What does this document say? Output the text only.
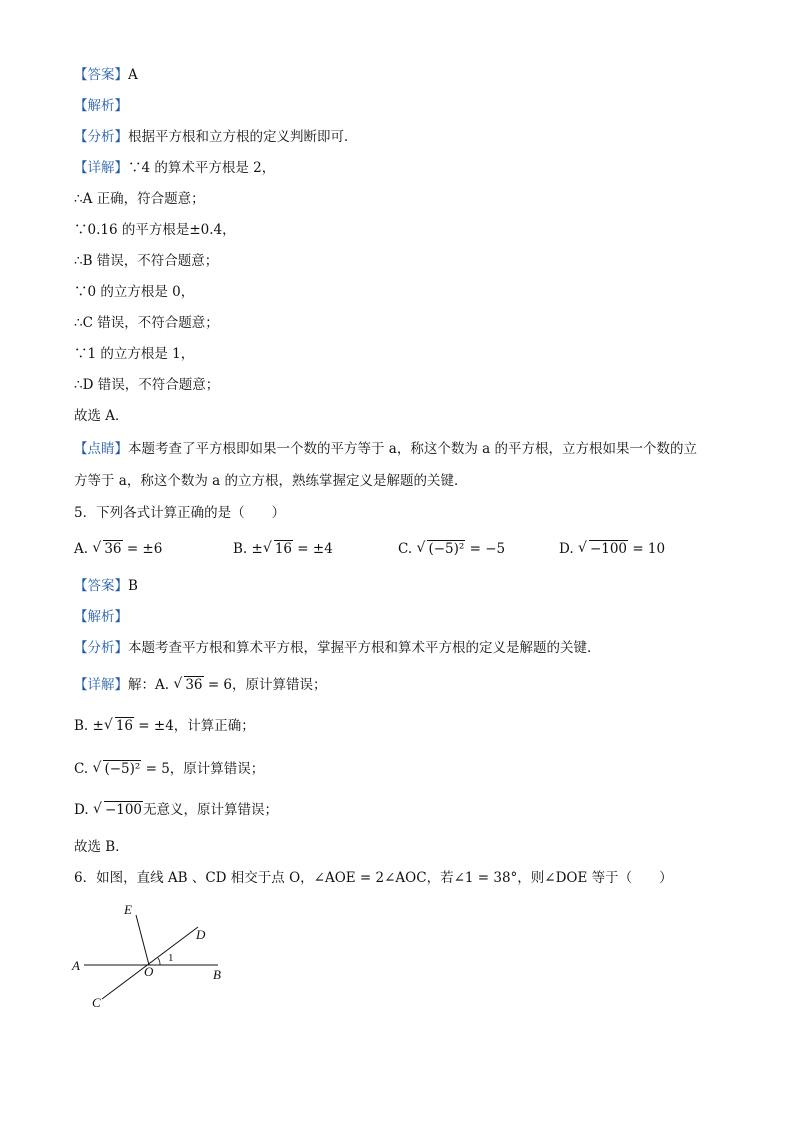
【答案】A
【解析】
【分析】根据平方根和立方根的定义判断即可．
【详解】∵4 的算术平方根是 2，
∴A 正确，符合题意；
∵0.16 的平方根是±0.4，
∴B 错误，不符合题意；
∵0 的立方根是 0，
∴C 错误，不符合题意；
∵1 的立方根是 1，
∴D 错误，不符合题意；
故选 A．
【点睛】本题考查了平方根即如果一个数的平方等于 a，称这个数为 a 的平方根，立方根如果一个数的立
方等于 a，称这个数为 a 的立方根，熟练掌握定义是解题的关键．
5．下列各式计算正确的是（　　）
A. √ 36 = ±6	B. ± √ 16 = ±4	C. √ (−5)² = −5	D. √ −100 = 10
【答案】B
【解析】
【分析】本题考查平方根和算术平方根，掌握平方根和算术平方根的定义是解题的关键．
【详解】解：A. √ 36 = 6，原计算错误；
B. ± √ 16 = ±4，计算正确；
C. √ (−5)² = 5，原计算错误；
D. √ −100无意义，原计算错误；
故选 B．
6．如图，直线 AB 、CD 相交于点 O，∠AOE = 2∠AOC，若∠1 = 38°，则∠DOE 等于（　　）
A
B
C
D
E
O
1
